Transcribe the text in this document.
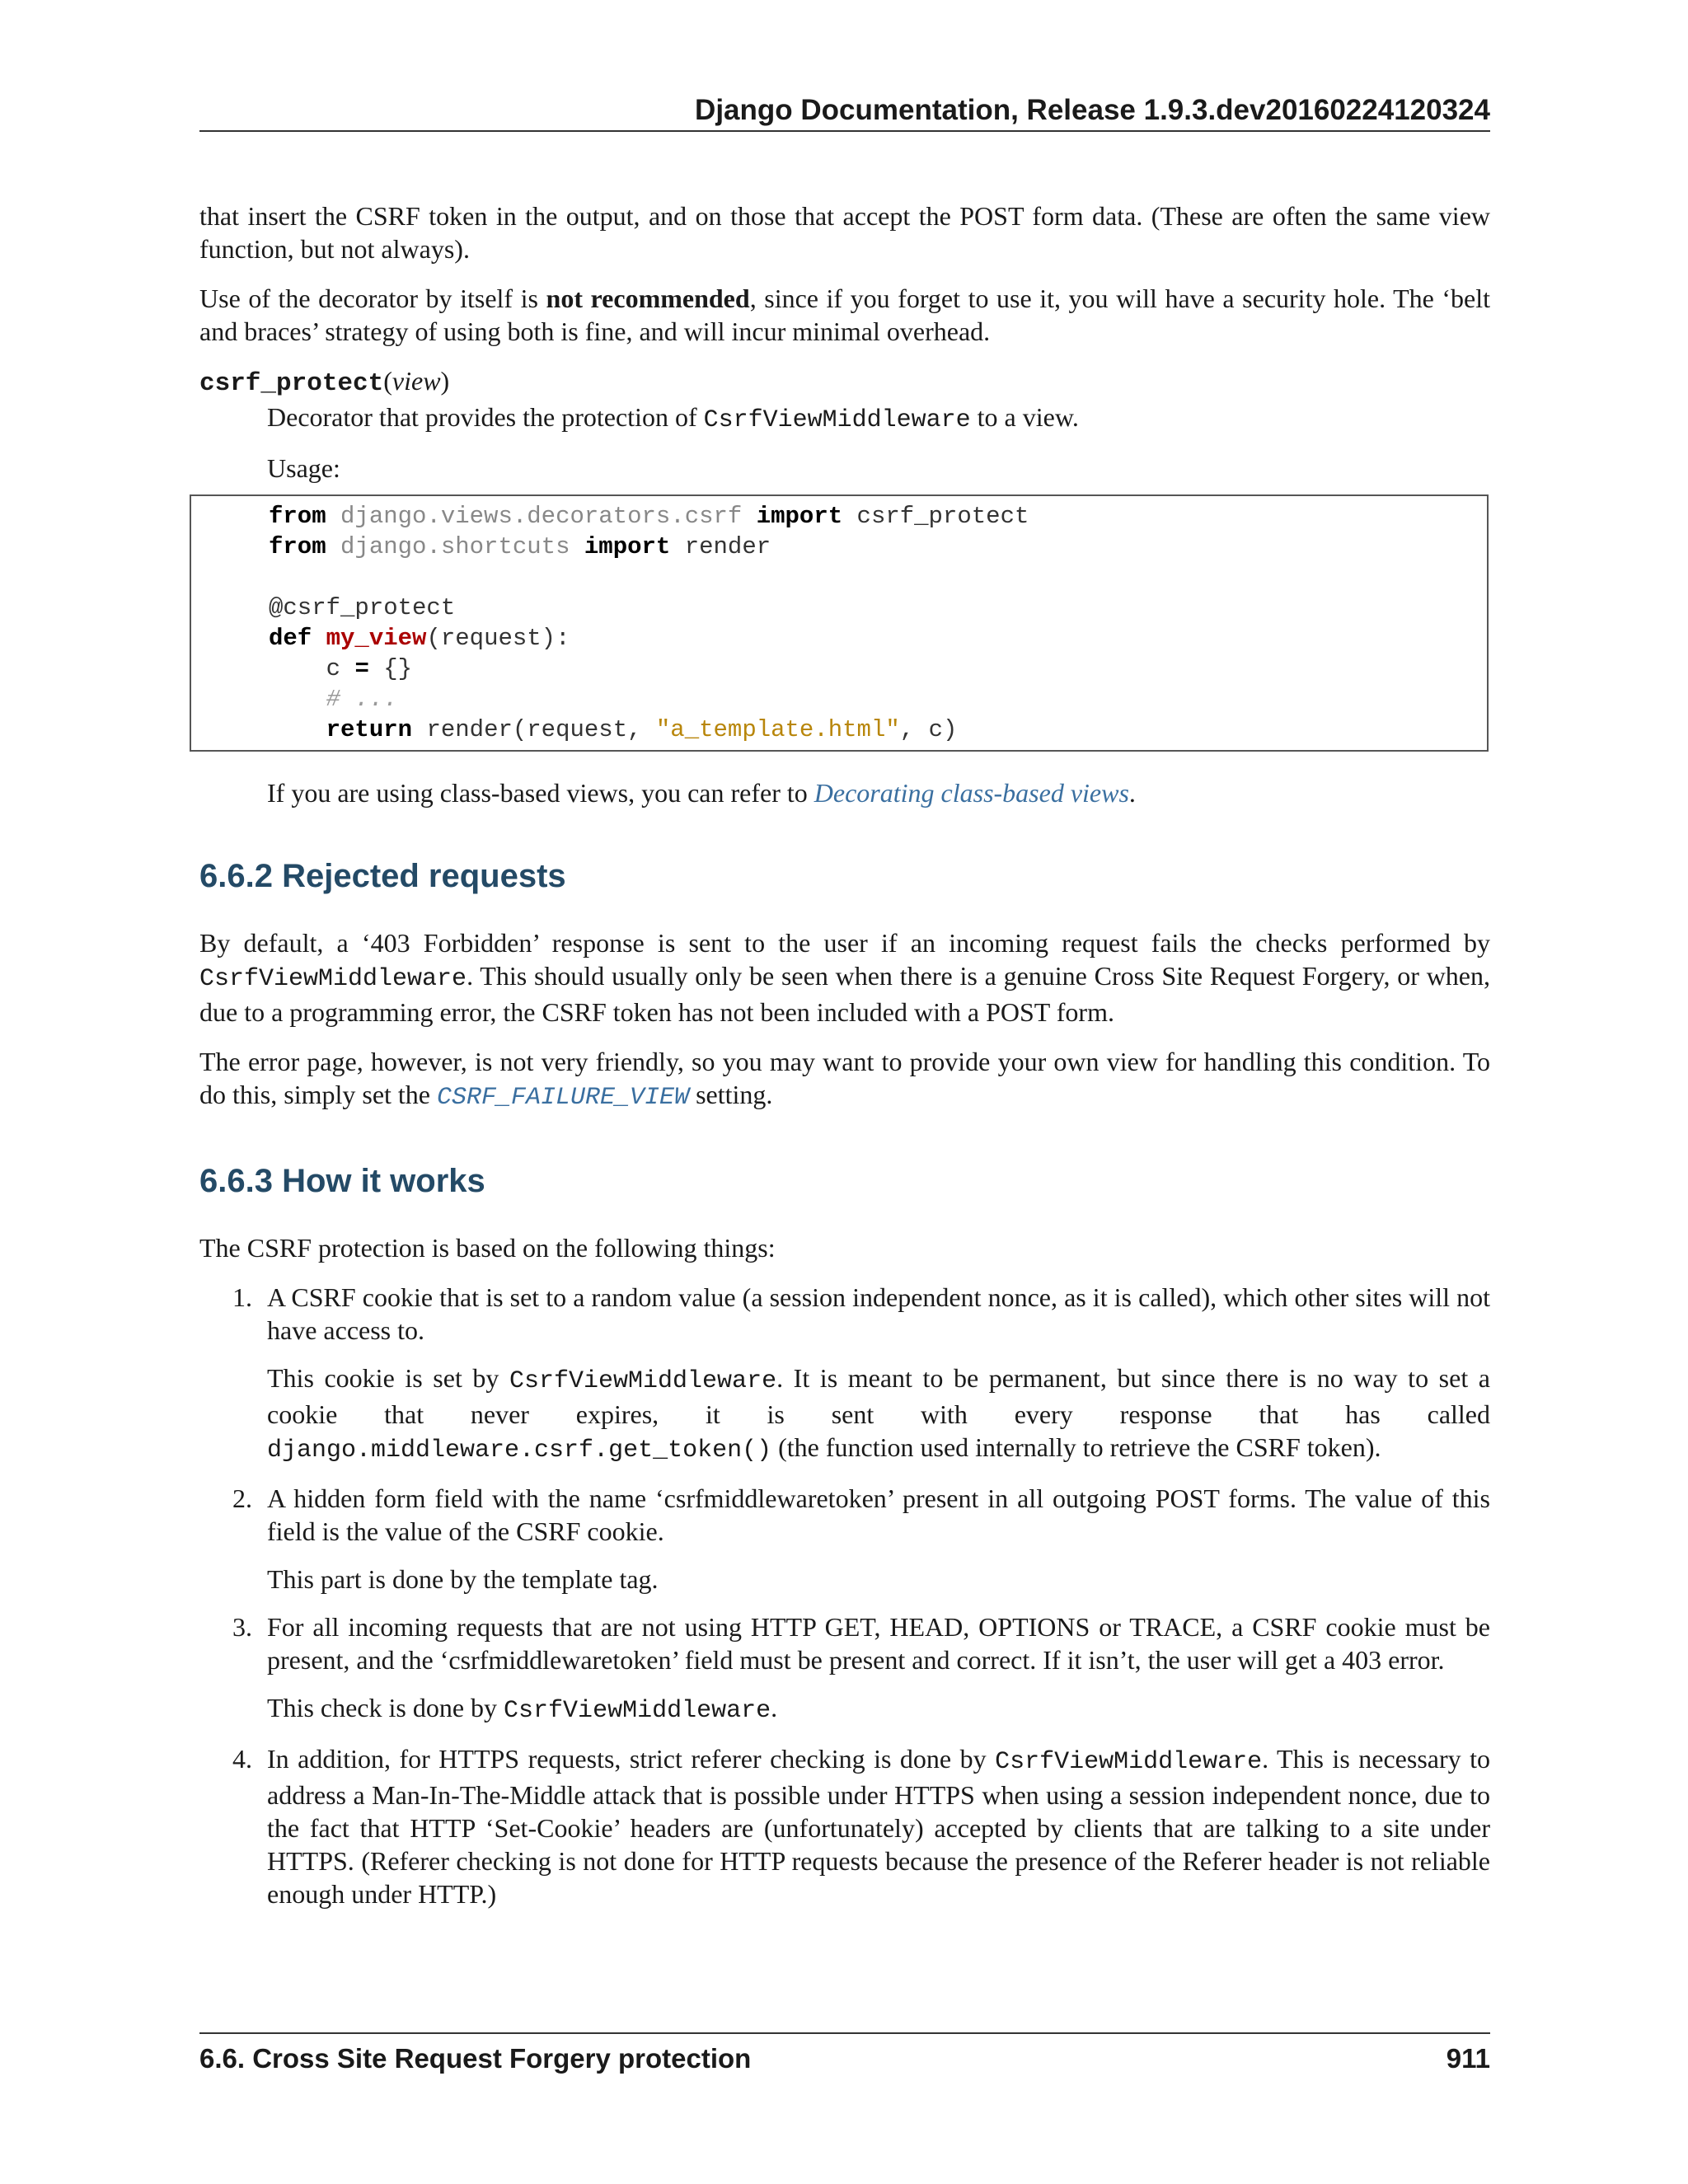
Django Documentation, Release 1.9.3.dev20160224120324

that insert the CSRF token in the output, and on those that accept the POST form data. (These are often the same view function, but not always).

Use of the decorator by itself is not recommended, since if you forget to use it, you will have a security hole. The ‘belt and braces’ strategy of using both is fine, and will incur minimal overhead.

csrf_protect(view)

Decorator that provides the protection of CsrfViewMiddleware to a view.

Usage:

from django.views.decorators.csrf import csrf_protect
from django.shortcuts import render

@csrf_protect
def my_view(request):
c = {}
# ...
return render(request, "a_template.html", c)

If you are using class-based views, you can refer to Decorating class-based views.

6.6.2 Rejected requests

By default, a ‘403 Forbidden’ response is sent to the user if an incoming request fails the checks performed by CsrfViewMiddleware. This should usually only be seen when there is a genuine Cross Site Request Forgery, or when, due to a programming error, the CSRF token has not been included with a POST form.

The error page, however, is not very friendly, so you may want to provide your own view for handling this condition. To do this, simply set the CSRF_FAILURE_VIEW setting.

6.6.3 How it works

The CSRF protection is based on the following things:

1. A CSRF cookie that is set to a random value (a session independent nonce, as it is called), which other sites will not have access to.

This cookie is set by CsrfViewMiddleware. It is meant to be permanent, but since there is no way to set a cookie that never expires, it is sent with every response that has called django.middleware.csrf.get_token() (the function used internally to retrieve the CSRF token).

2. A hidden form field with the name ‘csrfmiddlewaretoken’ present in all outgoing POST forms. The value of this field is the value of the CSRF cookie.

This part is done by the template tag.

3. For all incoming requests that are not using HTTP GET, HEAD, OPTIONS or TRACE, a CSRF cookie must be present, and the ‘csrfmiddlewaretoken’ field must be present and correct. If it isn’t, the user will get a 403 error.

This check is done by CsrfViewMiddleware.

4. In addition, for HTTPS requests, strict referer checking is done by CsrfViewMiddleware. This is necessary to address a Man-In-The-Middle attack that is possible under HTTPS when using a session independent nonce, due to the fact that HTTP ‘Set-Cookie’ headers are (unfortunately) accepted by clients that are talking to a site under HTTPS. (Referer checking is not done for HTTP requests because the presence of the Referer header is not reliable enough under HTTP.)

6.6. Cross Site Request Forgery protection	911
